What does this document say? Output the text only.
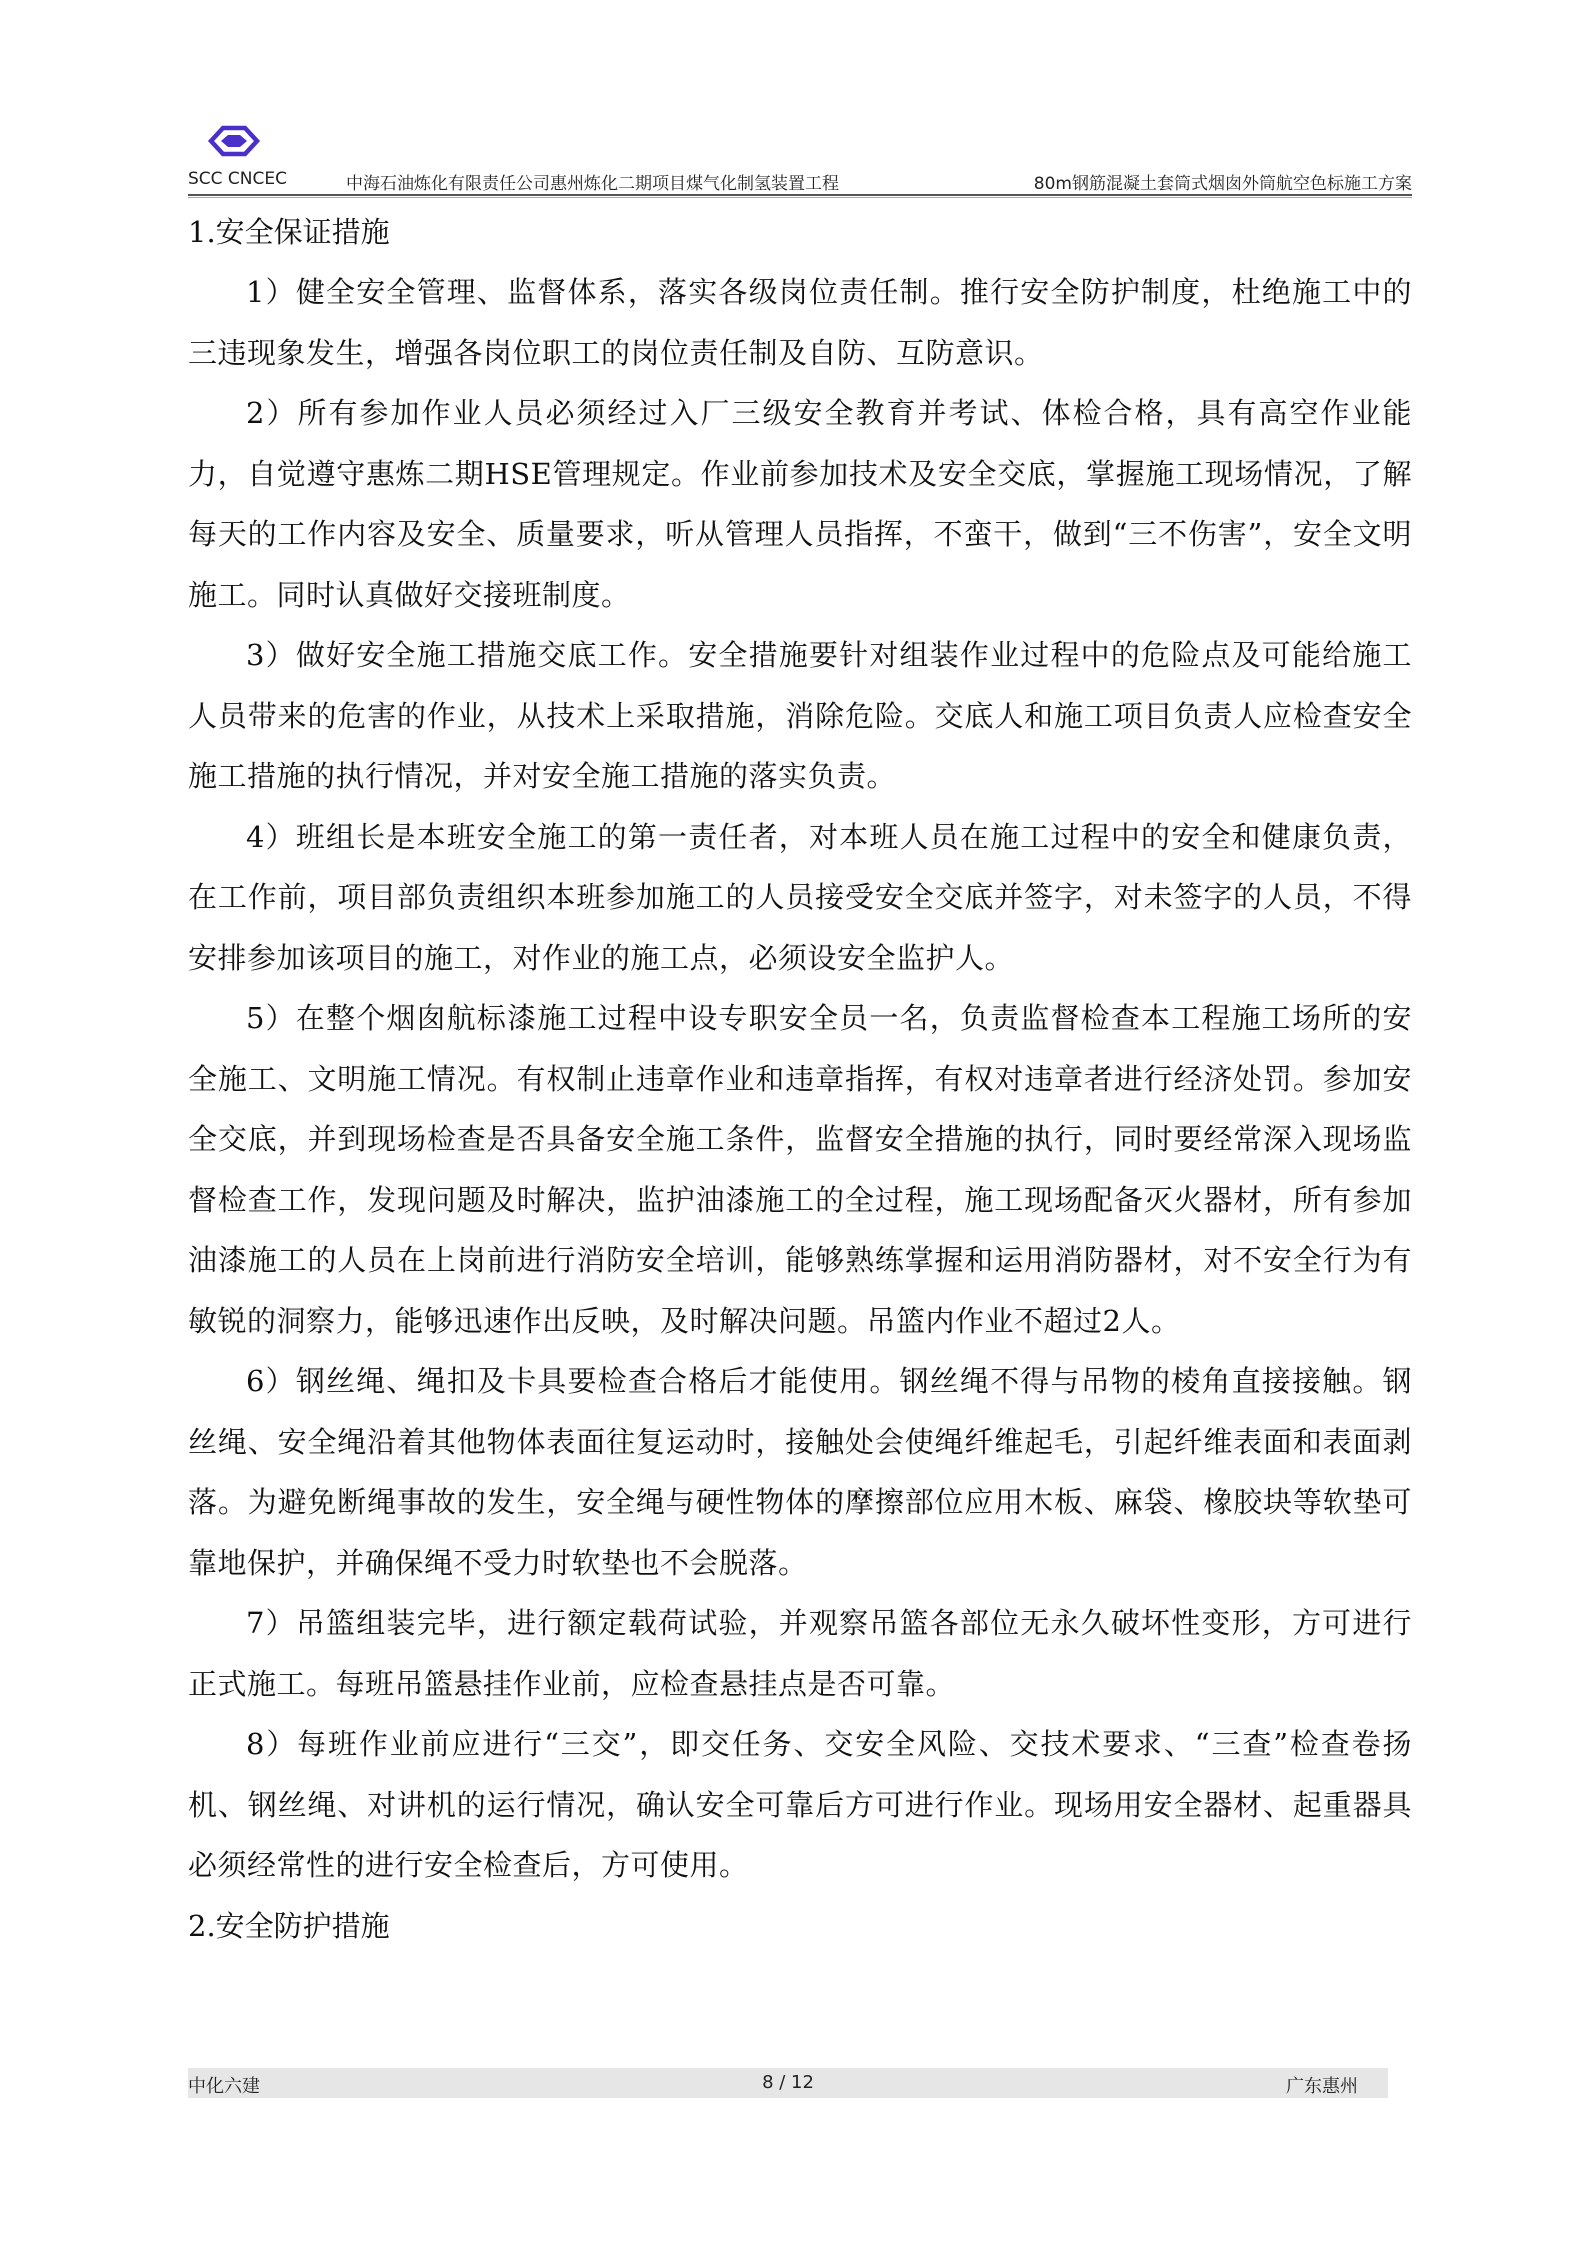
SCC CNCEC	中海石油炼化有限责任公司惠州炼化二期项目煤气化制氢装置工程	80m钢筋混凝土套筒式烟囱外筒航空色标施工方案
1.安全保证措施

1）健全安全管理、监督体系，落实各级岗位责任制。推行安全防护制度，杜绝施工中的三违现象发生，增强各岗位职工的岗位责任制及自防、互防意识。

2）所有参加作业人员必须经过入厂三级安全教育并考试、体检合格，具有高空作业能力，自觉遵守惠炼二期HSE管理规定。作业前参加技术及安全交底，掌握施工现场情况，了解每天的工作内容及安全、质量要求，听从管理人员指挥，不蛮干，做到“三不伤害”，安全文明施工。同时认真做好交接班制度。

3）做好安全施工措施交底工作。安全措施要针对组装作业过程中的危险点及可能给施工人员带来的危害的作业，从技术上采取措施，消除危险。交底人和施工项目负责人应检查安全施工措施的执行情况，并对安全施工措施的落实负责。

4）班组长是本班安全施工的第一责任者，对本班人员在施工过程中的安全和健康负责，在工作前，项目部负责组织本班参加施工的人员接受安全交底并签字，对未签字的人员，不得安排参加该项目的施工，对作业的施工点，必须设安全监护人。

5）在整个烟囱航标漆施工过程中设专职安全员一名，负责监督检查本工程施工场所的安全施工、文明施工情况。有权制止违章作业和违章指挥，有权对违章者进行经济处罚。参加安全交底，并到现场检查是否具备安全施工条件，监督安全措施的执行，同时要经常深入现场监督检查工作，发现问题及时解决，监护油漆施工的全过程，施工现场配备灭火器材，所有参加油漆施工的人员在上岗前进行消防安全培训，能够熟练掌握和运用消防器材，对不安全行为有敏锐的洞察力，能够迅速作出反映，及时解决问题。吊篮内作业不超过2人。

6）钢丝绳、绳扣及卡具要检查合格后才能使用。钢丝绳不得与吊物的棱角直接接触。钢丝绳、安全绳沿着其他物体表面往复运动时，接触处会使绳纤维起毛，引起纤维表面和表面剥落。为避免断绳事故的发生，安全绳与硬性物体的摩擦部位应用木板、麻袋、橡胶块等软垫可靠地保护，并确保绳不受力时软垫也不会脱落。

7）吊篮组装完毕，进行额定载荷试验，并观察吊篮各部位无永久破坏性变形，方可进行正式施工。每班吊篮悬挂作业前，应检查悬挂点是否可靠。

8）每班作业前应进行“三交”，即交任务、交安全风险、交技术要求、“三查”检查卷扬机、钢丝绳、对讲机的运行情况，确认安全可靠后方可进行作业。现场用安全器材、起重器具必须经常性的进行安全检查后，方可使用。

2.安全防护措施
中化六建	8 / 12	广东惠州
